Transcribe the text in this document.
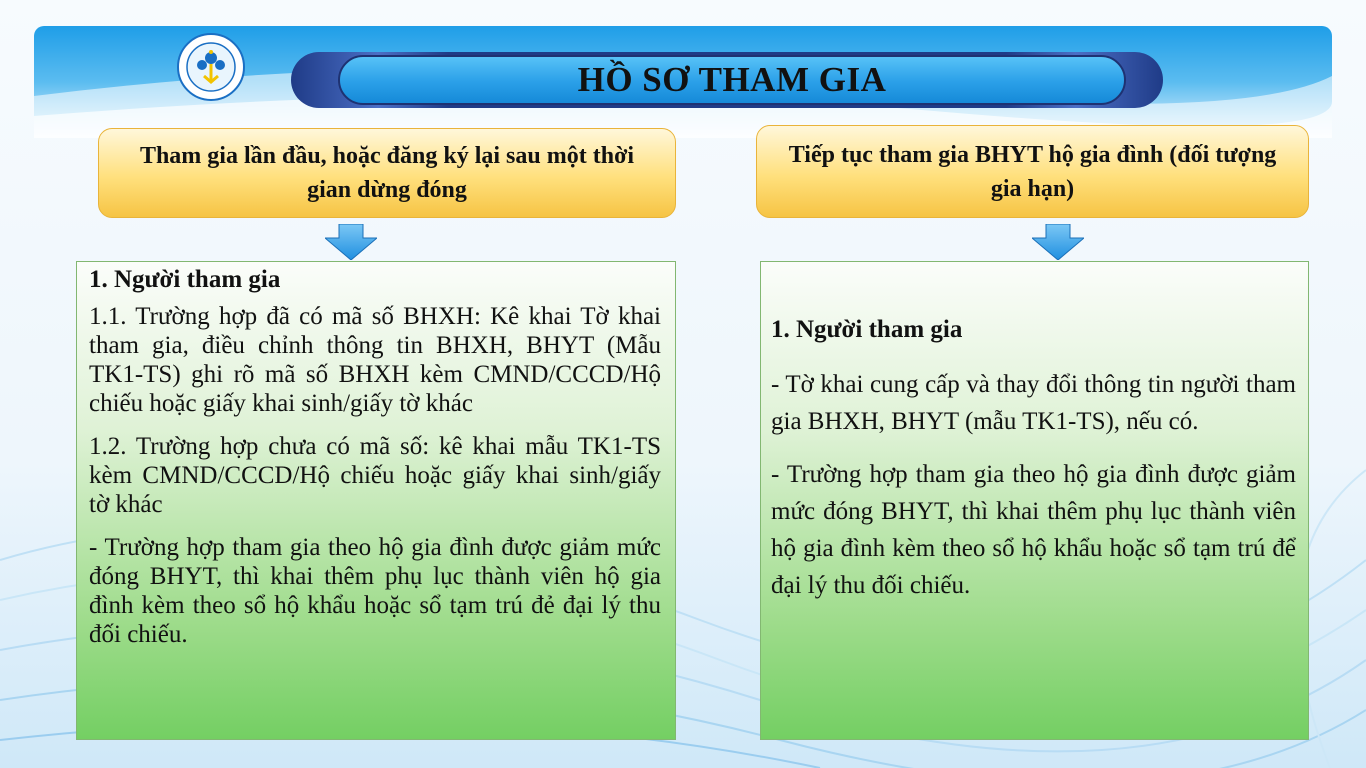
HỒ SƠ THAM GIA
Tham gia lần đầu, hoặc đăng ký lại sau một thời gian dừng đóng
Tiếp tục tham gia BHYT hộ gia đình (đối tượng gia hạn)
1. Người tham gia
1.1. Trường hợp đã có mã số BHXH: Kê khai Tờ khai tham gia, điều chỉnh thông tin BHXH, BHYT (Mẫu TK1-TS) ghi rõ mã số BHXH kèm CMND/CCCD/Hộ chiếu hoặc giấy khai sinh/giấy tờ khác
1.2. Trường hợp chưa có mã số: kê khai mẫu TK1-TS kèm CMND/CCCD/Hộ chiếu hoặc giấy khai sinh/giấy tờ khác
- Trường hợp tham gia theo hộ gia đình được giảm mức đóng BHYT, thì khai thêm phụ lục thành viên hộ gia đình kèm theo sổ hộ khẩu hoặc sổ tạm trú đẻ đại lý thu đối chiếu.
1. Người tham gia
- Tờ khai cung cấp và thay đổi thông tin người tham gia BHXH, BHYT (mẫu TK1-TS), nếu có.
- Trường hợp tham gia theo hộ gia đình được giảm mức đóng BHYT, thì khai thêm phụ lục thành viên hộ gia đình kèm theo sổ hộ khẩu hoặc sổ tạm trú để đại lý thu đối chiếu.
